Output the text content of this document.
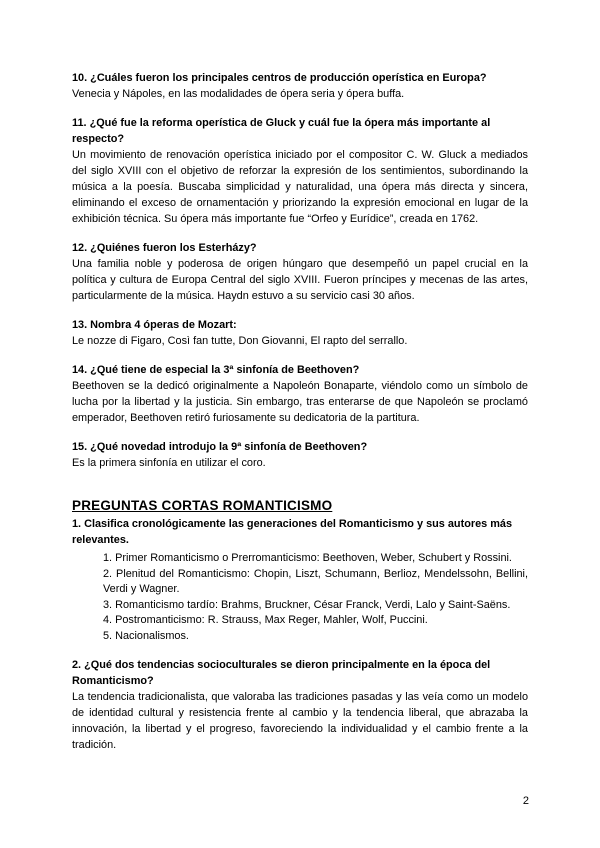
10. ¿Cuáles fueron los principales centros de producción operística en Europa?

Venecia y Nápoles, en las modalidades de ópera seria y ópera buffa.

11. ¿Qué fue la reforma operística de Gluck y cuál fue la ópera más importante al respecto?

Un movimiento de renovación operística iniciado por el compositor C. W. Gluck a mediados del siglo XVIII con el objetivo de reforzar la expresión de los sentimientos, subordinando la música a la poesía. Buscaba simplicidad y naturalidad, una ópera más directa y sincera, eliminando el exceso de ornamentación y priorizando la expresión emocional en lugar de la exhibición técnica. Su ópera más importante fue “Orfeo y Eurídice”, creada en 1762.

12. ¿Quiénes fueron los Esterházy?

Una familia noble y poderosa de origen húngaro que desempeñó un papel crucial en la política y cultura de Europa Central del siglo XVIII. Fueron príncipes y mecenas de las artes, particularmente de la música. Haydn estuvo a su servicio casi 30 años.

13. Nombra 4 óperas de Mozart:

Le nozze di Figaro, Così fan tutte, Don Giovanni, El rapto del serrallo.

14. ¿Qué tiene de especial la 3ª sinfonía de Beethoven?

Beethoven se la dedicó originalmente a Napoleón Bonaparte, viéndolo como un símbolo de lucha por la libertad y la justicia. Sin embargo, tras enterarse de que Napoleón se proclamó emperador, Beethoven retiró furiosamente su dedicatoria de la partitura.

15. ¿Qué novedad introdujo la 9ª sinfonía de Beethoven?

Es la primera sinfonía en utilizar el coro.

PREGUNTAS CORTAS ROMANTICISMO

1. Clasifica cronológicamente las generaciones del Romanticismo y sus autores más relevantes.

1. Primer Romanticismo o Prerromanticismo: Beethoven, Weber, Schubert y Rossini.
2. Plenitud del Romanticismo: Chopin, Liszt, Schumann, Berlioz, Mendelssohn, Bellini, Verdi y Wagner.
3. Romanticismo tardío: Brahms, Bruckner, César Franck, Verdi, Lalo y Saint-Saëns.
4. Postromanticismo: R. Strauss, Max Reger, Mahler, Wolf, Puccini.
5. Nacionalismos.

2. ¿Qué dos tendencias socioculturales se dieron principalmente en la época del Romanticismo?

La tendencia tradicionalista, que valoraba las tradiciones pasadas y las veía como un modelo de identidad cultural y resistencia frente al cambio y la tendencia liberal, que abrazaba la innovación, la libertad y el progreso, favoreciendo la individualidad y el cambio frente a la tradición.

2
